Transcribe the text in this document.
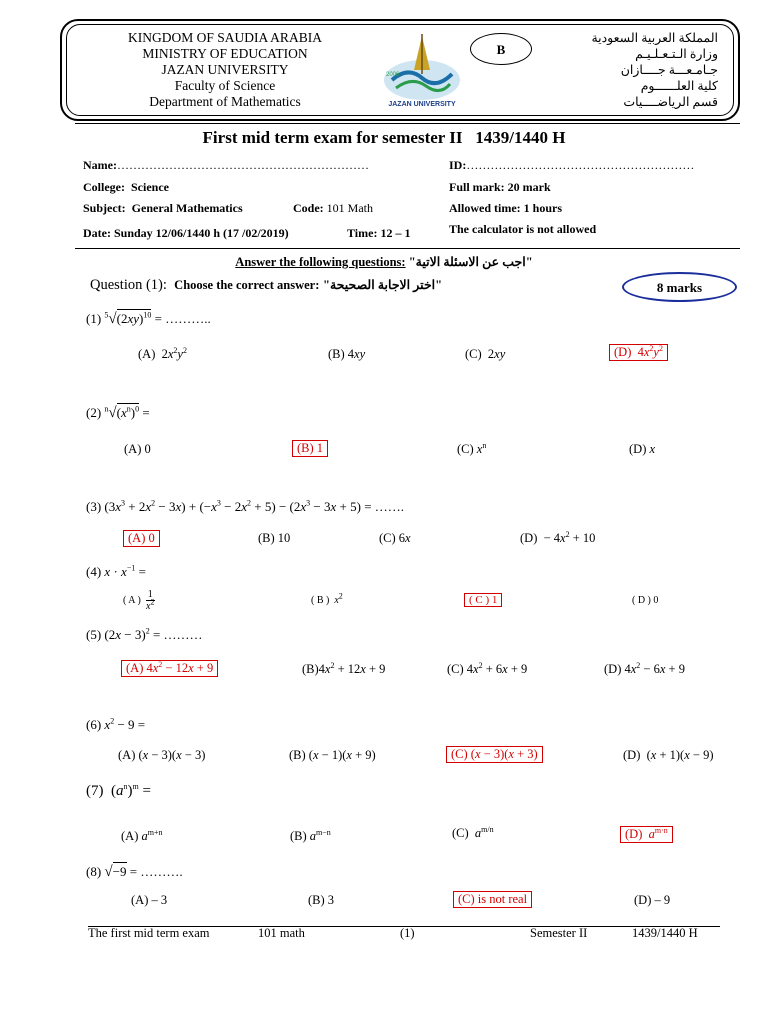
KINGDOM OF SAUDIA ARABIA
MINISTRY OF EDUCATION
JAZAN UNIVERSITY
Faculty of Science
Department of Mathematics
المملكة العربية السعودية
وزارة الـتـعـلـيـم
جـامـعـــة جــــازان
كلية العلــــــوم
قسم الرياضــــيات
B
2006
JAZAN UNIVERSITY
First mid term exam for semester II   1439/1440 H
Name:………………………………………………………	ID:…………………………………………………
College: Science	Full mark: 20 mark
Subject: General Mathematics	Code: 101 Math	Allowed time: 1 hours
Date: Sunday 12/06/1440 h (17 /02/2019)	Time: 12 – 1	The calculator is not allowed
Answer the following questions: "اجب عن الاسئلة الاتية"
Question (1): Choose the correct answer: "اختر الاجابة الصحيحة"	8 marks
(1) $^5√(2xy)^{10}$ = ………..
(A)  $2x^2y^2$	(B) 4xy	(C)  2xy	(D)  $4x^2y^2$
(2) $^n√(x^n)^0$ =
(A) 0	(B) 1	(C) $x^n$	(D) x
(3) $(3x^3 + 2x^2 - 3x) + (-x^3 - 2x^2 + 5) - (2x^3 - 3x + 5)$ = …….
(A) 0	(B) 10	(C) 6x	$(D) - 4x^2 + 10$
(4) $x \cdot x^{-1}$ =
( A ) $\frac{1}{x^2}$	( B ) $x^2$	( C ) 1	( D ) 0
(5) $(2x - 3)^2$ = ………
(A) $4x^2 - 12x + 9$	$(B)4x^2 + 12x + 9$	(C) $4x^2 + 6x + 9$	(D) $4x^2 - 6x + 9$
(6) $x^2 - 9$ =
(A) (x − 3)(x − 3)	(B) (x − 1)(x + 9)	(C) (x − 3)(x + 3)	(D)  (x + 1)(x − 9)
(7)  $(a^n)^m$ =
(A) $a^{m+n}$	(B) $a^{m-n}$	(C) $a^{m/n}$	(D) $a^{m\cdot n}$
(8) √−9 = ……….
(A) – 3	(B) 3	(C) is not real	(D) – 9
The first mid term exam	101 math	(1)	Semester II	1439/1440 H
